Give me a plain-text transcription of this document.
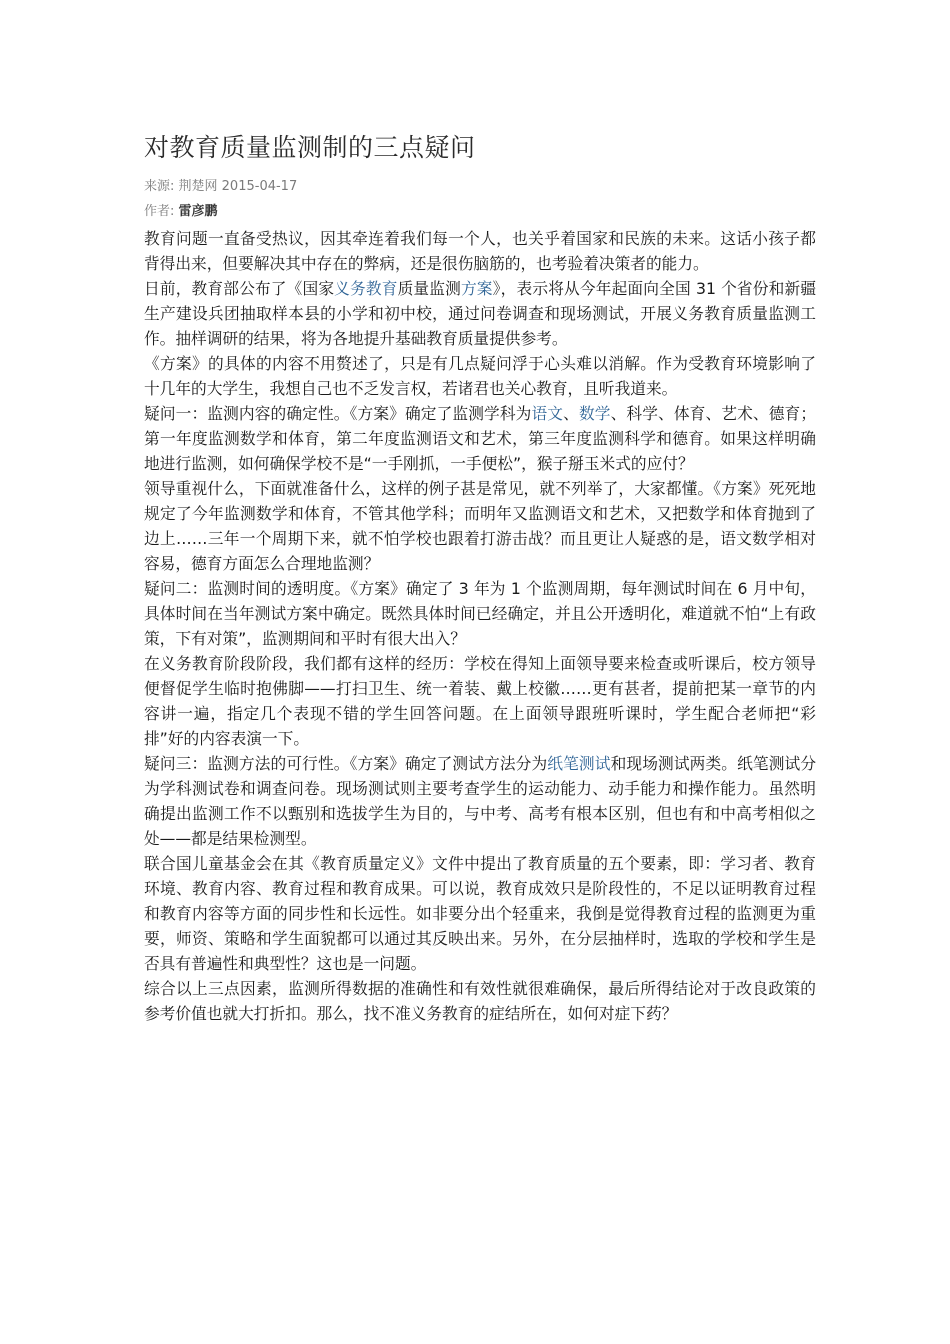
对教育质量监测制的三点疑问
来源: 荆楚网 2015-04-17
作者: 雷彦鹏

教育问题一直备受热议，因其牵连着我们每一个人，也关乎着国家和民族的未来。这话小孩子都背得出来，但要解决其中存在的弊病，还是很伤脑筋的，也考验着决策者的能力。

日前，教育部公布了《国家义务教育质量监测方案》，表示将从今年起面向全国 31 个省份和新疆生产建设兵团抽取样本县的小学和初中校，通过问卷调查和现场测试，开展义务教育质量监测工作。抽样调研的结果，将为各地提升基础教育质量提供参考。

《方案》的具体的内容不用赘述了，只是有几点疑问浮于心头难以消解。作为受教育环境影响了十几年的大学生，我想自己也不乏发言权，若诸君也关心教育，且听我道来。

疑问一：监测内容的确定性。《方案》确定了监测学科为语文、数学、科学、体育、艺术、德育；第一年度监测数学和体育，第二年度监测语文和艺术，第三年度监测科学和德育。如果这样明确地进行监测，如何确保学校不是“一手刚抓，一手便松”，猴子掰玉米式的应付？

领导重视什么，下面就准备什么，这样的例子甚是常见，就不列举了，大家都懂。《方案》死死地规定了今年监测数学和体育，不管其他学科；而明年又监测语文和艺术，又把数学和体育抛到了边上……三年一个周期下来，就不怕学校也跟着打游击战？而且更让人疑惑的是，语文数学相对容易，德育方面怎么合理地监测？

疑问二：监测时间的透明度。《方案》确定了 3 年为 1 个监测周期，每年测试时间在 6 月中旬，具体时间在当年测试方案中确定。既然具体时间已经确定，并且公开透明化，难道就不怕“上有政策，下有对策”，监测期间和平时有很大出入？

在义务教育阶段阶段，我们都有这样的经历：学校在得知上面领导要来检查或听课后，校方领导便督促学生临时抱佛脚——打扫卫生、统一着装、戴上校徽……更有甚者，提前把某一章节的内容讲一遍，指定几个表现不错的学生回答问题。在上面领导跟班听课时，学生配合老师把“彩排”好的内容表演一下。

疑问三：监测方法的可行性。《方案》确定了测试方法分为纸笔测试和现场测试两类。纸笔测试分为学科测试卷和调查问卷。现场测试则主要考查学生的运动能力、动手能力和操作能力。虽然明确提出监测工作不以甄别和选拔学生为目的，与中考、高考有根本区别，但也有和中高考相似之处——都是结果检测型。

联合国儿童基金会在其《教育质量定义》文件中提出了教育质量的五个要素，即：学习者、教育环境、教育内容、教育过程和教育成果。可以说，教育成效只是阶段性的，不足以证明教育过程和教育内容等方面的同步性和长远性。如非要分出个轻重来，我倒是觉得教育过程的监测更为重要，师资、策略和学生面貌都可以通过其反映出来。另外，在分层抽样时，选取的学校和学生是否具有普遍性和典型性？这也是一问题。

综合以上三点因素，监测所得数据的准确性和有效性就很难确保，最后所得结论对于改良政策的参考价值也就大打折扣。那么，找不准义务教育的症结所在，如何对症下药？
